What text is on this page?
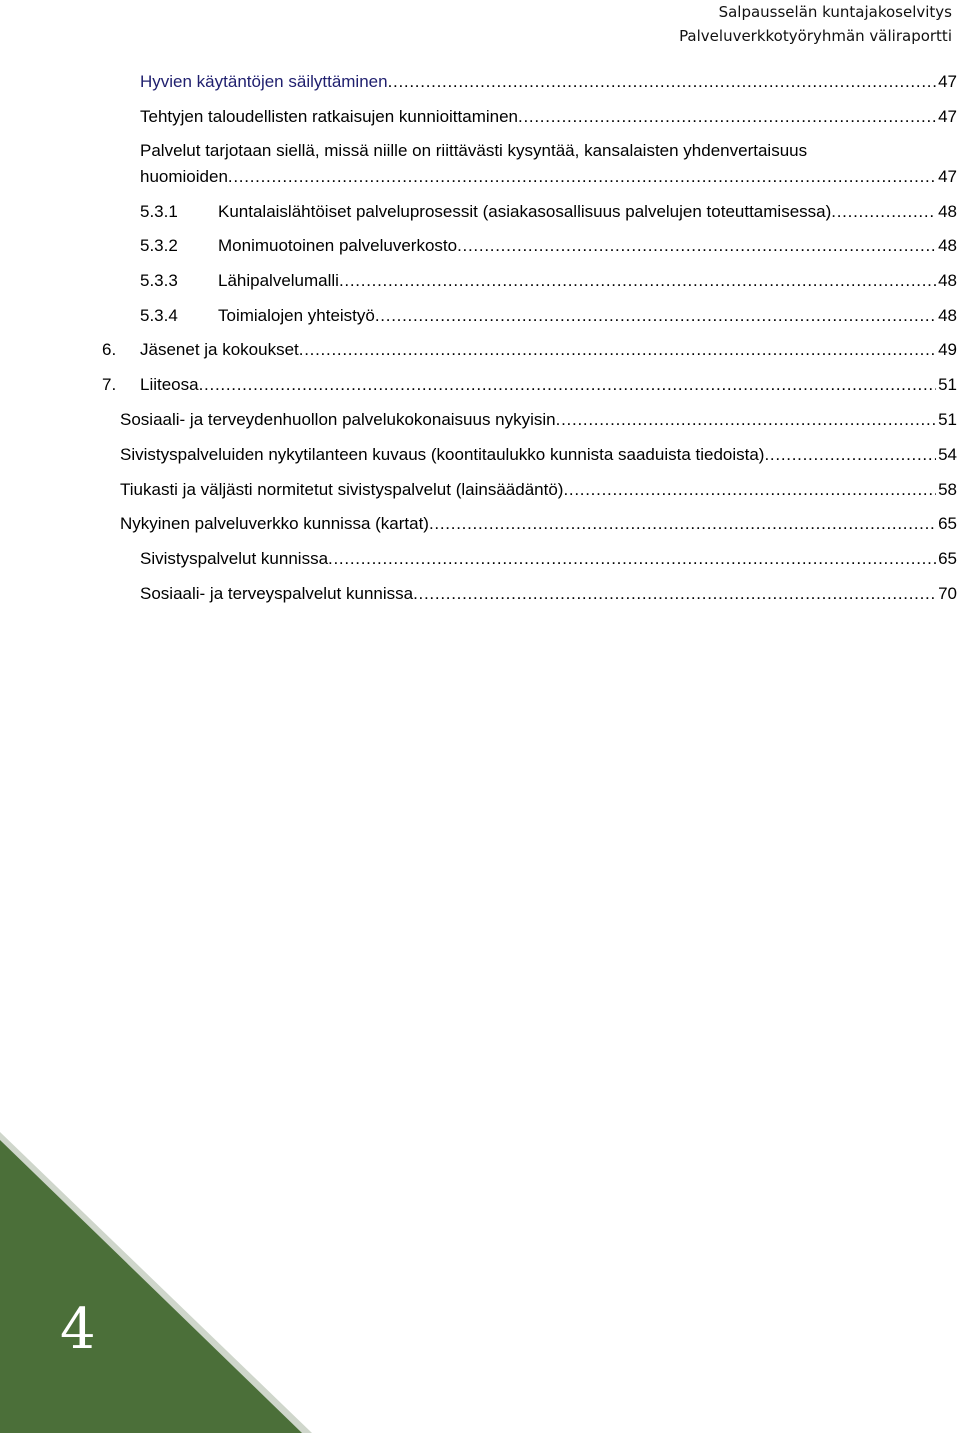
Salpausselän kuntajakoselvitys
Palveluverkkotyöryhmän väliraportti
Hyvien käytäntöjen säilyttäminen . . .	47
Tehtyjen taloudellisten ratkaisujen kunnioittaminen . . .	47
Palvelut tarjotaan siellä, missä niille on riittävästi kysyntää, kansalaisten yhdenvertaisuus
huomioiden . . .	47
5.3.1	Kuntalaislähtöiset palveluprosessit (asiakasosallisuus palvelujen toteuttamisessa) . . .	48
5.3.2	Monimuotoinen palveluverkosto . . .	48
5.3.3	Lähipalvelumalli . . .	48
5.3.4	Toimialojen yhteistyö . . .	48
6.	Jäsenet ja kokoukset . . .	49
7.	Liiteosa . . .	51
Sosiaali- ja terveydenhuollon palvelukokonaisuus nykyisin . . .	51
Sivistyspalveluiden nykytilanteen kuvaus (koontitaulukko kunnista saaduista tiedoista) . . .	54
Tiukasti ja väljästi normitetut sivistyspalvelut (lainsäädäntö) . . .	58
Nykyinen palveluverkko kunnissa (kartat) . . .	65
Sivistyspalvelut kunnissa . . .	65
Sosiaali- ja terveyspalvelut kunnissa . . .	70
4
